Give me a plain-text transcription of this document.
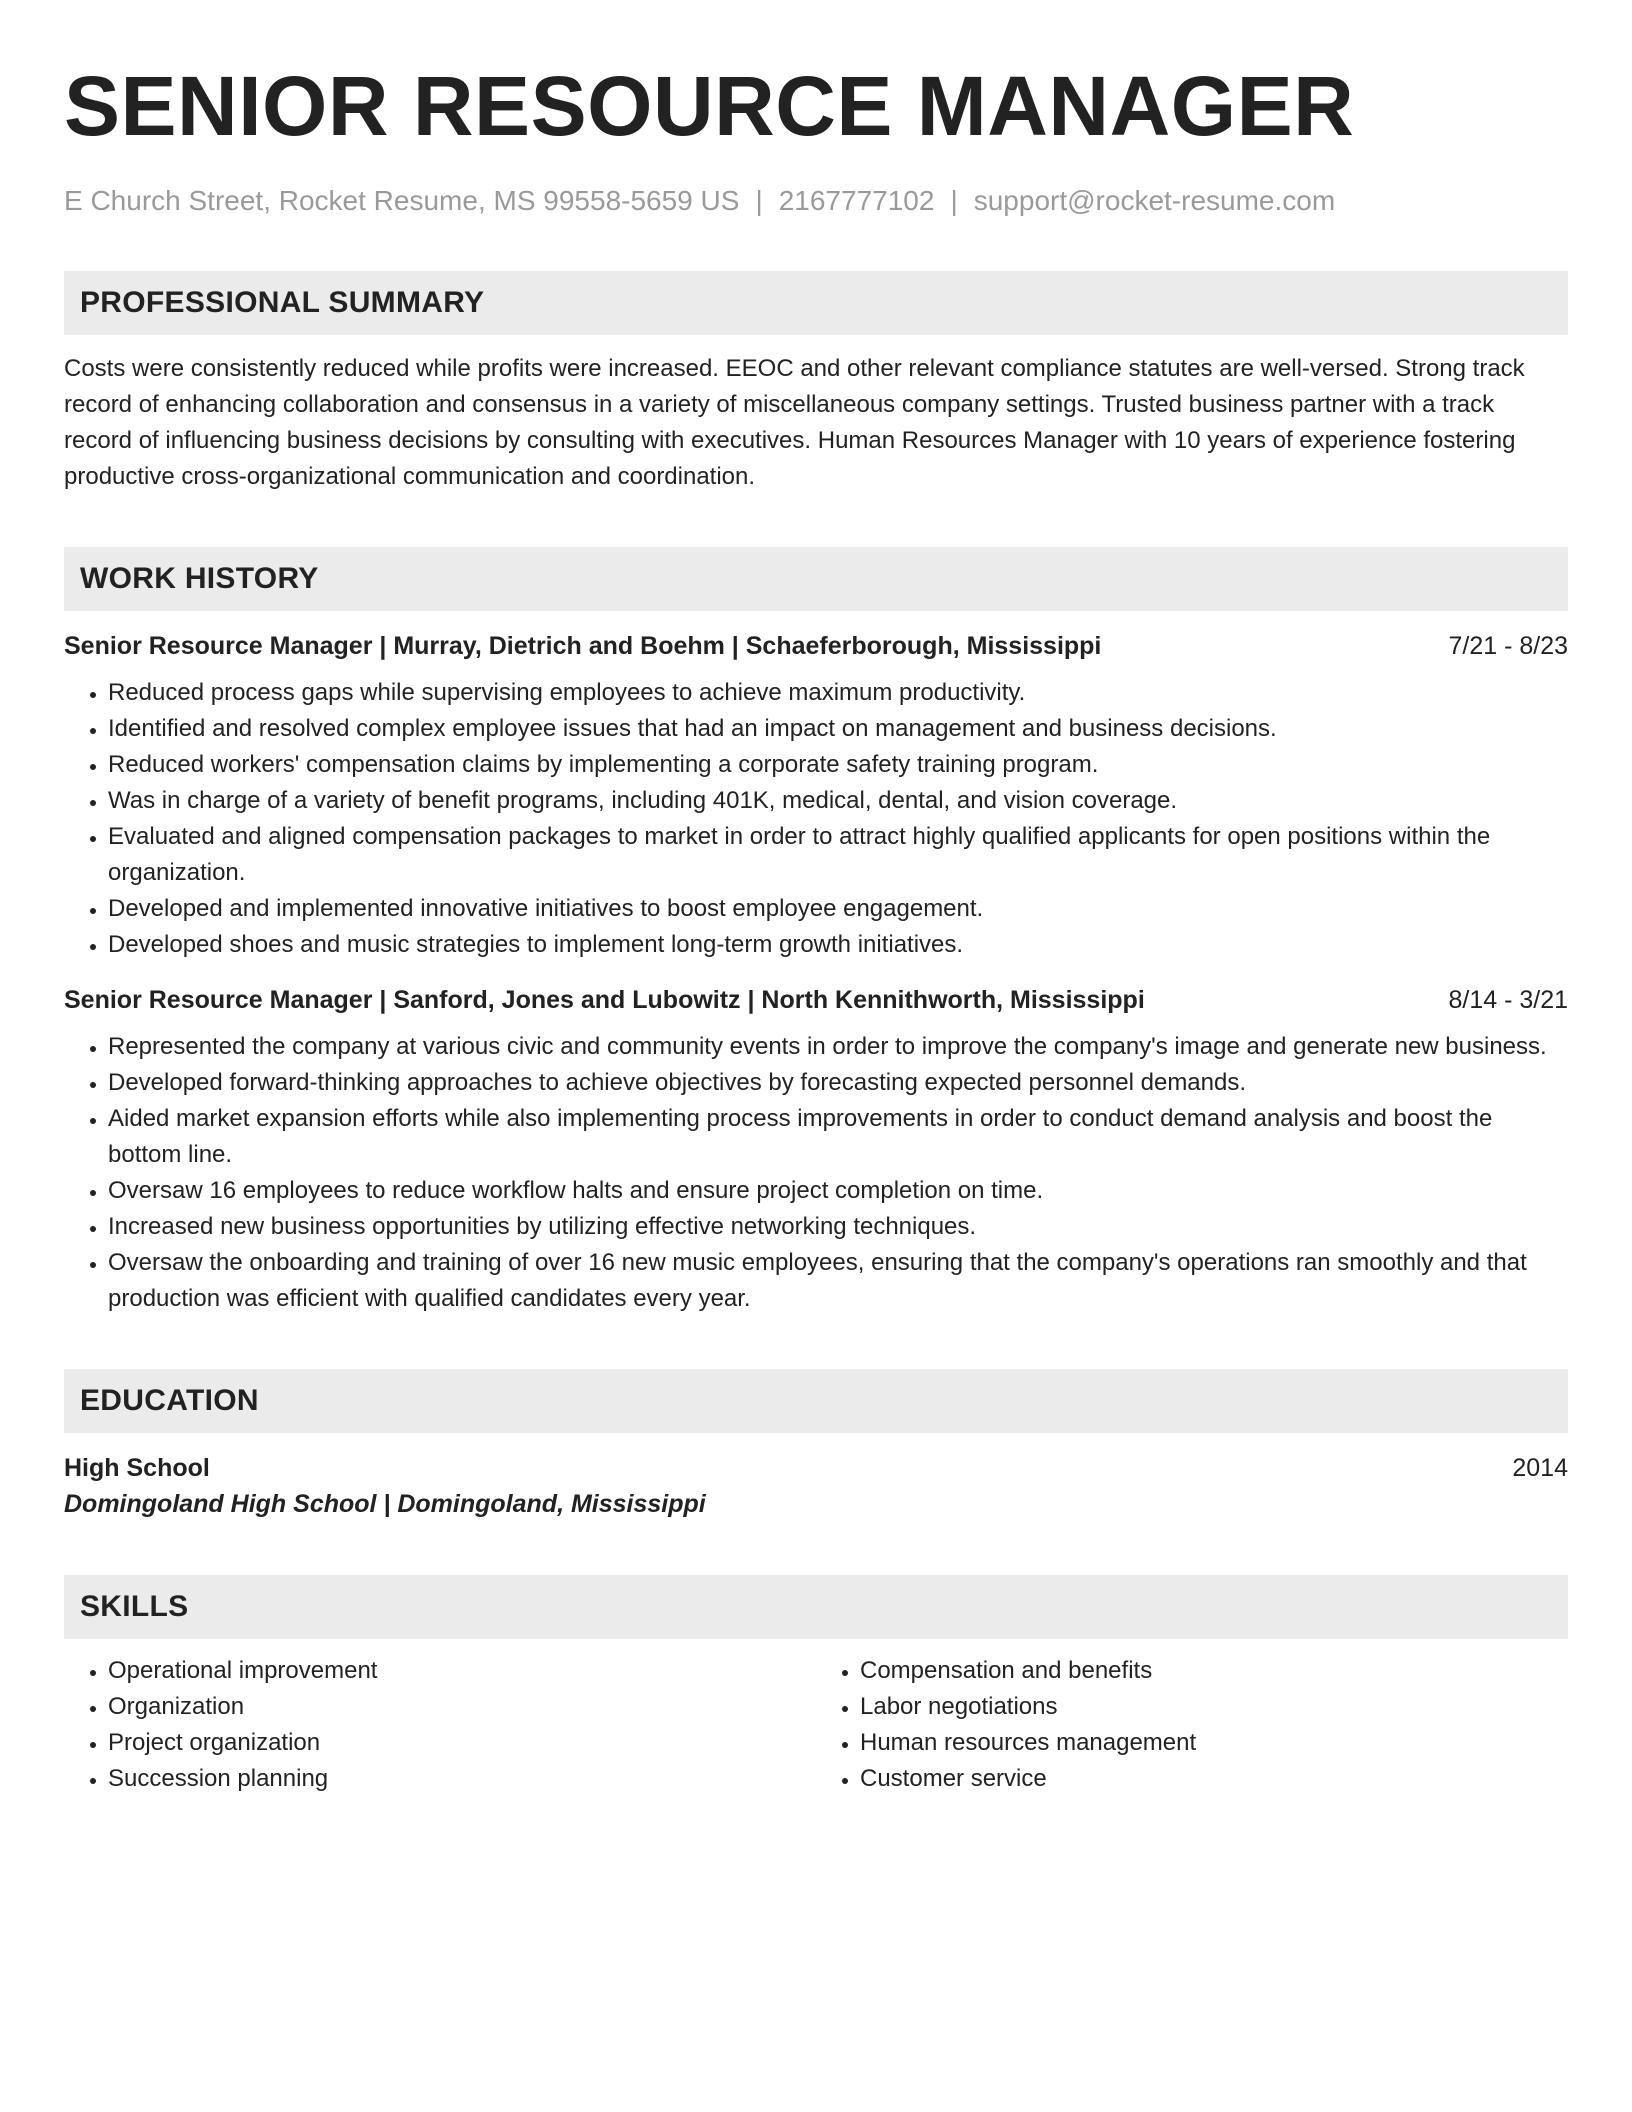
SENIOR RESOURCE MANAGER
E Church Street, Rocket Resume, MS 99558-5659 US | 2167777102 | support@rocket-resume.com
PROFESSIONAL SUMMARY
Costs were consistently reduced while profits were increased. EEOC and other relevant compliance statutes are well-versed. Strong track record of enhancing collaboration and consensus in a variety of miscellaneous company settings. Trusted business partner with a track record of influencing business decisions by consulting with executives. Human Resources Manager with 10 years of experience fostering productive cross-organizational communication and coordination.
WORK HISTORY
Senior Resource Manager | Murray, Dietrich and Boehm | Schaeferborough, Mississippi	7/21 - 8/23
• Reduced process gaps while supervising employees to achieve maximum productivity.
• Identified and resolved complex employee issues that had an impact on management and business decisions.
• Reduced workers' compensation claims by implementing a corporate safety training program.
• Was in charge of a variety of benefit programs, including 401K, medical, dental, and vision coverage.
• Evaluated and aligned compensation packages to market in order to attract highly qualified applicants for open positions within the organization.
• Developed and implemented innovative initiatives to boost employee engagement.
• Developed shoes and music strategies to implement long-term growth initiatives.
Senior Resource Manager | Sanford, Jones and Lubowitz | North Kennithworth, Mississippi	8/14 - 3/21
• Represented the company at various civic and community events in order to improve the company's image and generate new business.
• Developed forward-thinking approaches to achieve objectives by forecasting expected personnel demands.
• Aided market expansion efforts while also implementing process improvements in order to conduct demand analysis and boost the bottom line.
• Oversaw 16 employees to reduce workflow halts and ensure project completion on time.
• Increased new business opportunities by utilizing effective networking techniques.
• Oversaw the onboarding and training of over 16 new music employees, ensuring that the company's operations ran smoothly and that production was efficient with qualified candidates every year.
EDUCATION
High School	2014
Domingoland High School | Domingoland, Mississippi
SKILLS
• Operational improvement
• Organization
• Project organization
• Succession planning
• Compensation and benefits
• Labor negotiations
• Human resources management
• Customer service
